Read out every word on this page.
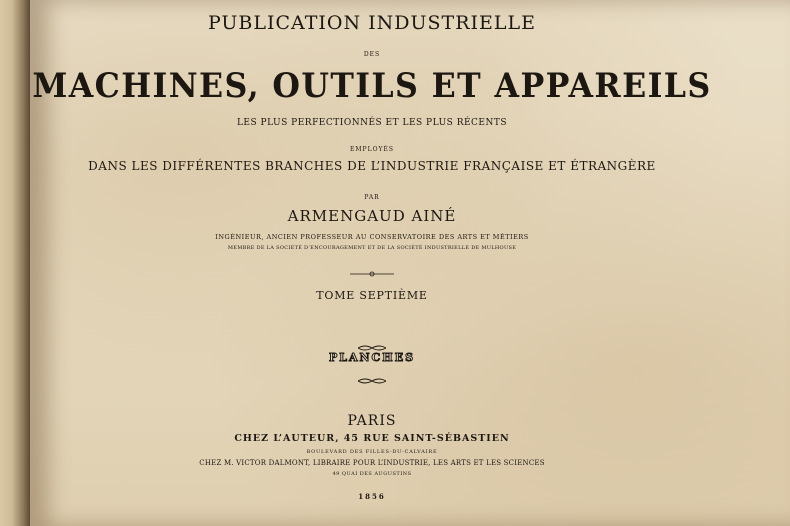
PUBLICATION INDUSTRIELLE
DES
MACHINES, OUTILS ET APPAREILS
LES PLUS PERFECTIONNÉS ET LES PLUS RÉCENTS
EMPLOYÉS
DANS LES DIFFÉRENTES BRANCHES DE L’INDUSTRIE FRANÇAISE ET ÉTRANGÈRE
PAR
ARMENGAUD AINÉ
INGÉNIEUR, ANCIEN PROFESSEUR AU CONSERVATOIRE DES ARTS ET MÉTIERS
MEMBRE DE LA SOCIÉTÉ D’ENCOURAGEMENT ET DE LA SOCIÉTÉ INDUSTRIELLE DE MULHOUSE
TOME SEPTIÈME
PLANCHES
PARIS
CHEZ L’AUTEUR, 45 RUE SAINT-SÉBASTIEN
BOULEVARD DES FILLES-DU-CALVAIRE
CHEZ M. VICTOR DALMONT, LIBRAIRE POUR L’INDUSTRIE, LES ARTS ET LES SCIENCES
49 QUAI DES AUGUSTINS
1856
